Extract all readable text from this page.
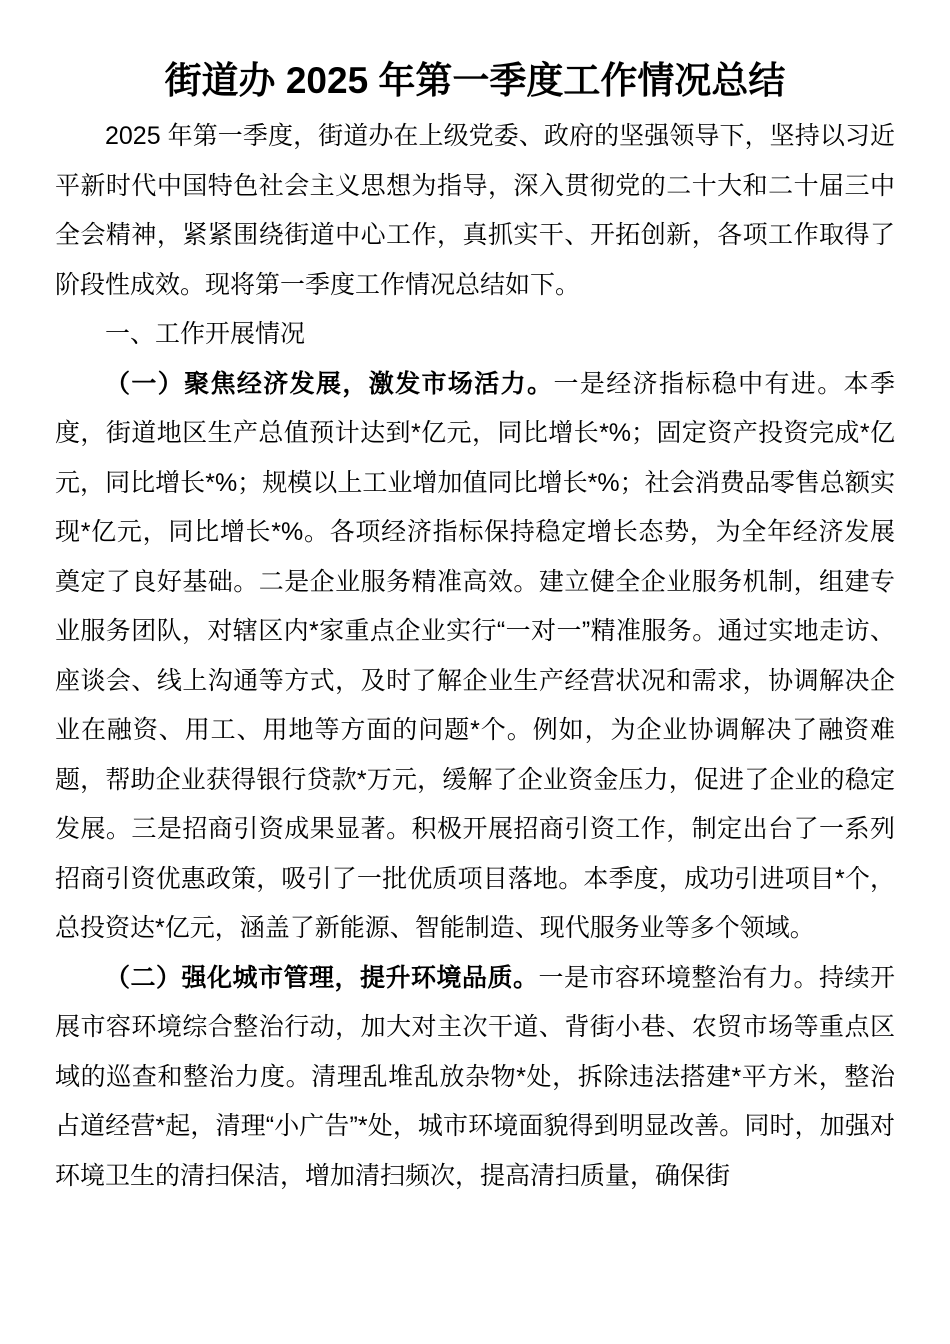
街道办 2025 年第一季度工作情况总结

2025 年第一季度，街道办在上级党委、政府的坚强领导下，坚持以习近平新时代中国特色社会主义思想为指导，深入贯彻党的二十大和二十届三中全会精神，紧紧围绕街道中心工作，真抓实干、开拓创新，各项工作取得了阶段性成效。现将第一季度工作情况总结如下。

一、工作开展情况

（一）聚焦经济发展，激发市场活力。一是经济指标稳中有进。本季度，街道地区生产总值预计达到*亿元，同比增长*%；固定资产投资完成*亿元，同比增长*%；规模以上工业增加值同比增长*%；社会消费品零售总额实现*亿元，同比增长*%。各项经济指标保持稳定增长态势，为全年经济发展奠定了良好基础。二是企业服务精准高效。建立健全企业服务机制，组建专业服务团队，对辖区内*家重点企业实行“一对一”精准服务。通过实地走访、座谈会、线上沟通等方式，及时了解企业生产经营状况和需求，协调解决企业在融资、用工、用地等方面的问题*个。例如，为企业协调解决了融资难题，帮助企业获得银行贷款*万元，缓解了企业资金压力，促进了企业的稳定发展。三是招商引资成果显著。积极开展招商引资工作，制定出台了一系列招商引资优惠政策，吸引了一批优质项目落地。本季度，成功引进项目*个，总投资达*亿元，涵盖了新能源、智能制造、现代服务业等多个领域。

（二）强化城市管理，提升环境品质。一是市容环境整治有力。持续开展市容环境综合整治行动，加大对主次干道、背街小巷、农贸市场等重点区域的巡查和整治力度。清理乱堆乱放杂物*处，拆除违法搭建*平方米，整治占道经营*起，清理“小广告”*处，城市环境面貌得到明显改善。同时，加强对环境卫生的清扫保洁，增加清扫频次，提高清扫质量，确保街
